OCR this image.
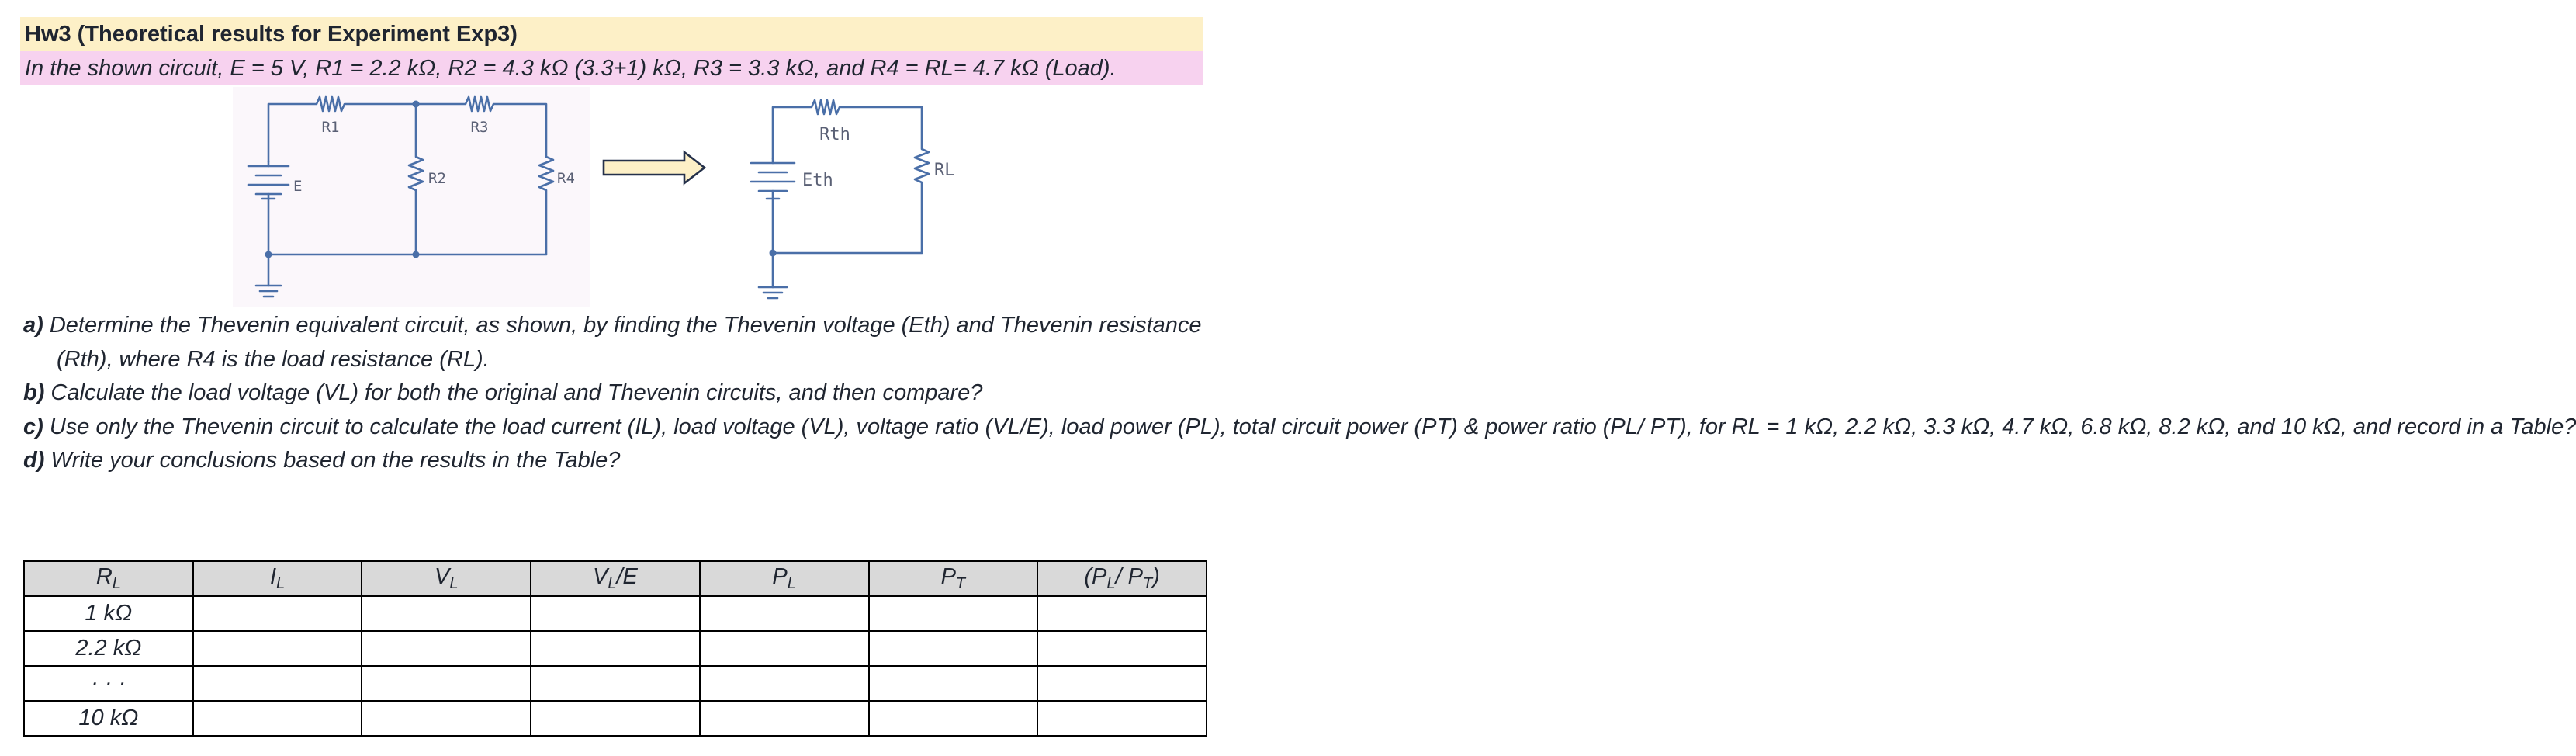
Hw3 (Theoretical results for Experiment Exp3)
In the shown circuit, E = 5 V, R1 = 2.2 kΩ, R2 = 4.3 kΩ (3.3+1) kΩ, R3 = 3.3 kΩ, and R4 = RL= 4.7 kΩ (Load).
R1	R3
E	R2	R4
Rth
Eth
RL
a) Determine the Thevenin equivalent circuit, as shown, by finding the Thevenin voltage (Eth) and Thevenin resistance (Rth), where R4 is the load resistance (RL).
b) Calculate the load voltage (VL) for both the original and Thevenin circuits, and then compare?
c) Use only the Thevenin circuit to calculate the load current (IL), load voltage (VL), voltage ratio (VL/E), load power (PL), total circuit power (PT) & power ratio (PL/ PT), for RL = 1 kΩ, 2.2 kΩ, 3.3 kΩ, 4.7 kΩ, 6.8 kΩ, 8.2 kΩ, and 10 kΩ, and record in a Table?
d) Write your conclusions based on the results in the Table?
$R_L$	$I_L$	$V_L$	$V_L/E$	$P_L$	$P_T$	($P_L/$ $P_T$)
1 kΩ						
2.2 kΩ						
· · ·						
10 kΩ						
